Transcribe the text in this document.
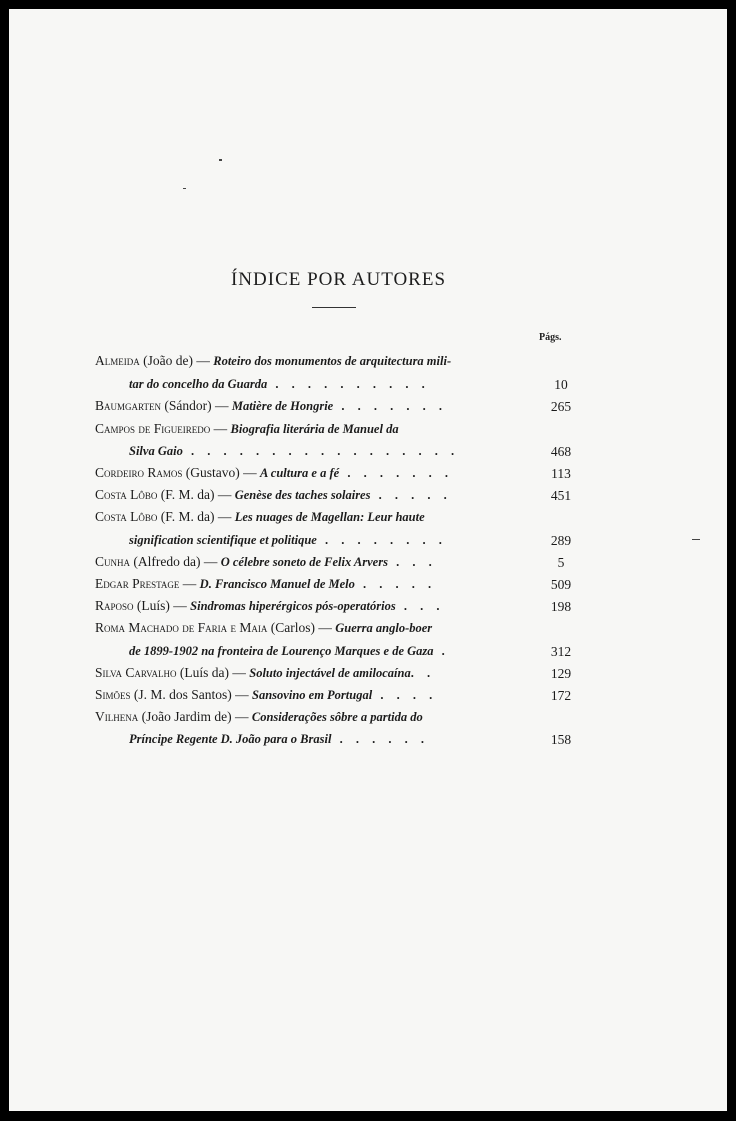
ÍNDICE POR AUTORES
Págs.
Almeida (João de) — Roteiro dos monumentos de arquitectura mili-
tar do concelho da Guarda . . . . . . . . . .	10
Baumgarten (Sándor) — Matière de Hongrie . . . . . . .	265
Campos de Figueiredo — Biografia literária de Manuel da
Silva Gaio . . . . . . . . . . . . . . . . .	468
Cordeiro Ramos (Gustavo) — A cultura e a fé . . . . . . .	113
Costa Lôbo (F. M. da) — Genèse des taches solaires . . . . .	451
Costa Lôbo (F. M. da) — Les nuages de Magellan: Leur haute
signification scientifique et politique . . . . . . . .	289
Cunha (Alfredo da) — O célebre soneto de Felix Arvers . . .	5
Edgar Prestage — D. Francisco Manuel de Melo . . . . .	509
Raposo (Luís) — Sindromas hiperérgicos pós-operatórios . . .	198
Roma Machado de Faria e Maia (Carlos) — Guerra anglo-boer
de 1899-1902 na fronteira de Lourenço Marques e de Gaza .	312
Silva Carvalho (Luís da) — Soluto injectável de amilocaína. .	129
Simões (J. M. dos Santos) — Sansovino em Portugal . . . .	172
Vilhena (João Jardim de) — Considerações sôbre a partida do
Príncipe Regente D. João para o Brasil . . . . . .	158
